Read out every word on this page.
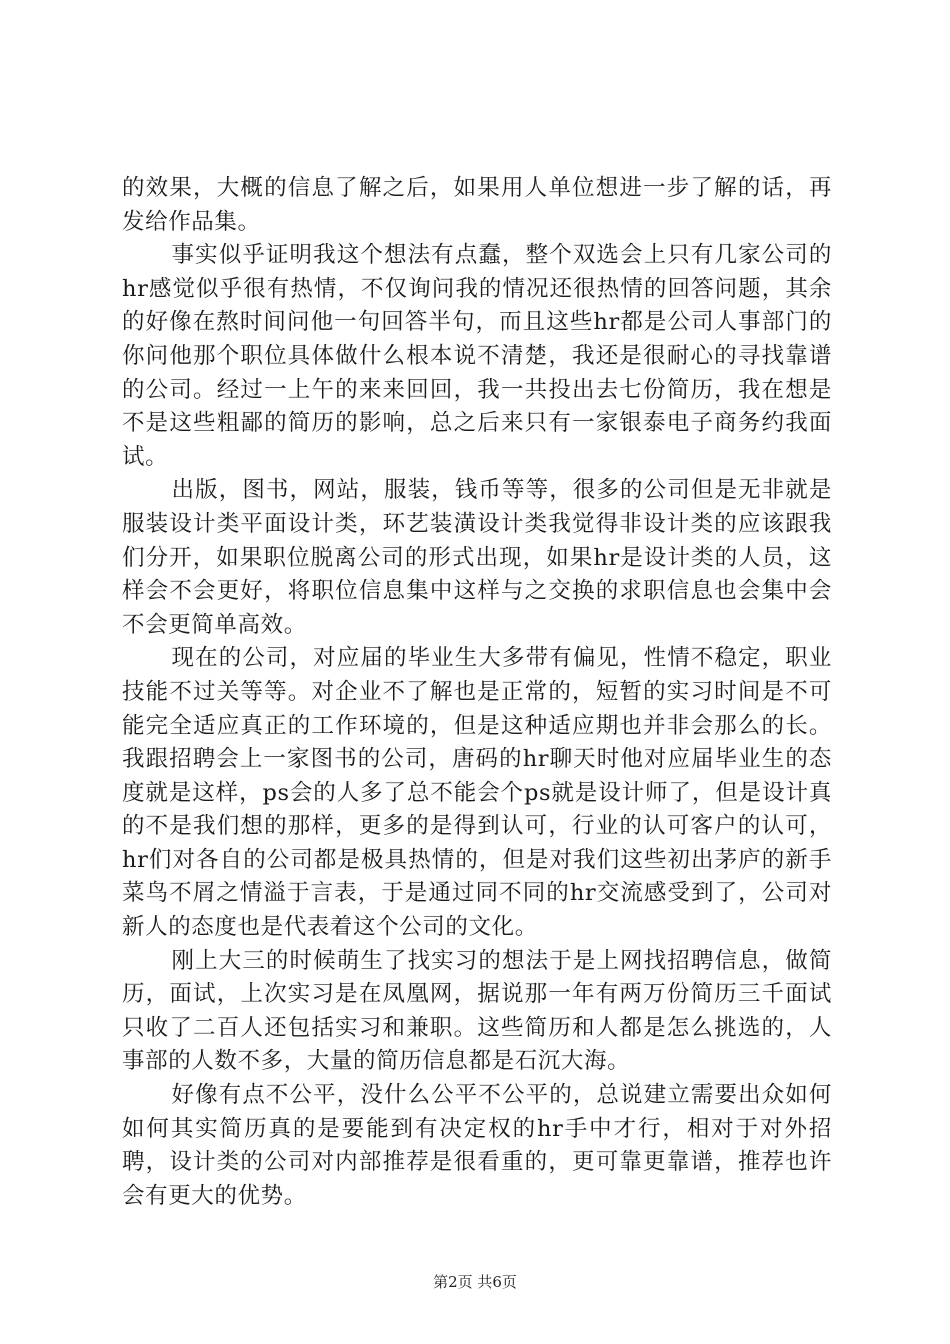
的效果，大概的信息了解之后，如果用人单位想进一步了解的话，再发给作品集。

事实似乎证明我这个想法有点蠢，整个双选会上只有几家公司的hr感觉似乎很有热情，不仅询问我的情况还很热情的回答问题，其余的好像在熬时间问他一句回答半句，而且这些hr都是公司人事部门的你问他那个职位具体做什么根本说不清楚，我还是很耐心的寻找靠谱的公司。经过一上午的来来回回，我一共投出去七份简历，我在想是不是这些粗鄙的简历的影响，总之后来只有一家银泰电子商务约我面试。

出版，图书，网站，服装，钱币等等，很多的公司但是无非就是服装设计类平面设计类，环艺装潢设计类我觉得非设计类的应该跟我们分开，如果职位脱离公司的形式出现，如果hr是设计类的人员，这样会不会更好，将职位信息集中这样与之交换的求职信息也会集中会不会更简单高效。

现在的公司，对应届的毕业生大多带有偏见，性情不稳定，职业技能不过关等等。对企业不了解也是正常的，短暂的实习时间是不可能完全适应真正的工作环境的，但是这种适应期也并非会那么的长。我跟招聘会上一家图书的公司，唐码的hr聊天时他对应届毕业生的态度就是这样，ps会的人多了总不能会个ps就是设计师了，但是设计真的不是我们想的那样，更多的是得到认可，行业的认可客户的认可，hr们对各自的公司都是极具热情的，但是对我们这些初出茅庐的新手菜鸟不屑之情溢于言表，于是通过同不同的hr交流感受到了，公司对新人的态度也是代表着这个公司的文化。

刚上大三的时候萌生了找实习的想法于是上网找招聘信息，做简历，面试，上次实习是在凤凰网，据说那一年有两万份简历三千面试只收了二百人还包括实习和兼职。这些简历和人都是怎么挑选的，人事部的人数不多，大量的简历信息都是石沉大海。

好像有点不公平，没什么公平不公平的，总说建立需要出众如何如何其实简历真的是要能到有决定权的hr手中才行，相对于对外招聘，设计类的公司对内部推荐是很看重的，更可靠更靠谱，推荐也许会有更大的优势。

第2页 共6页
